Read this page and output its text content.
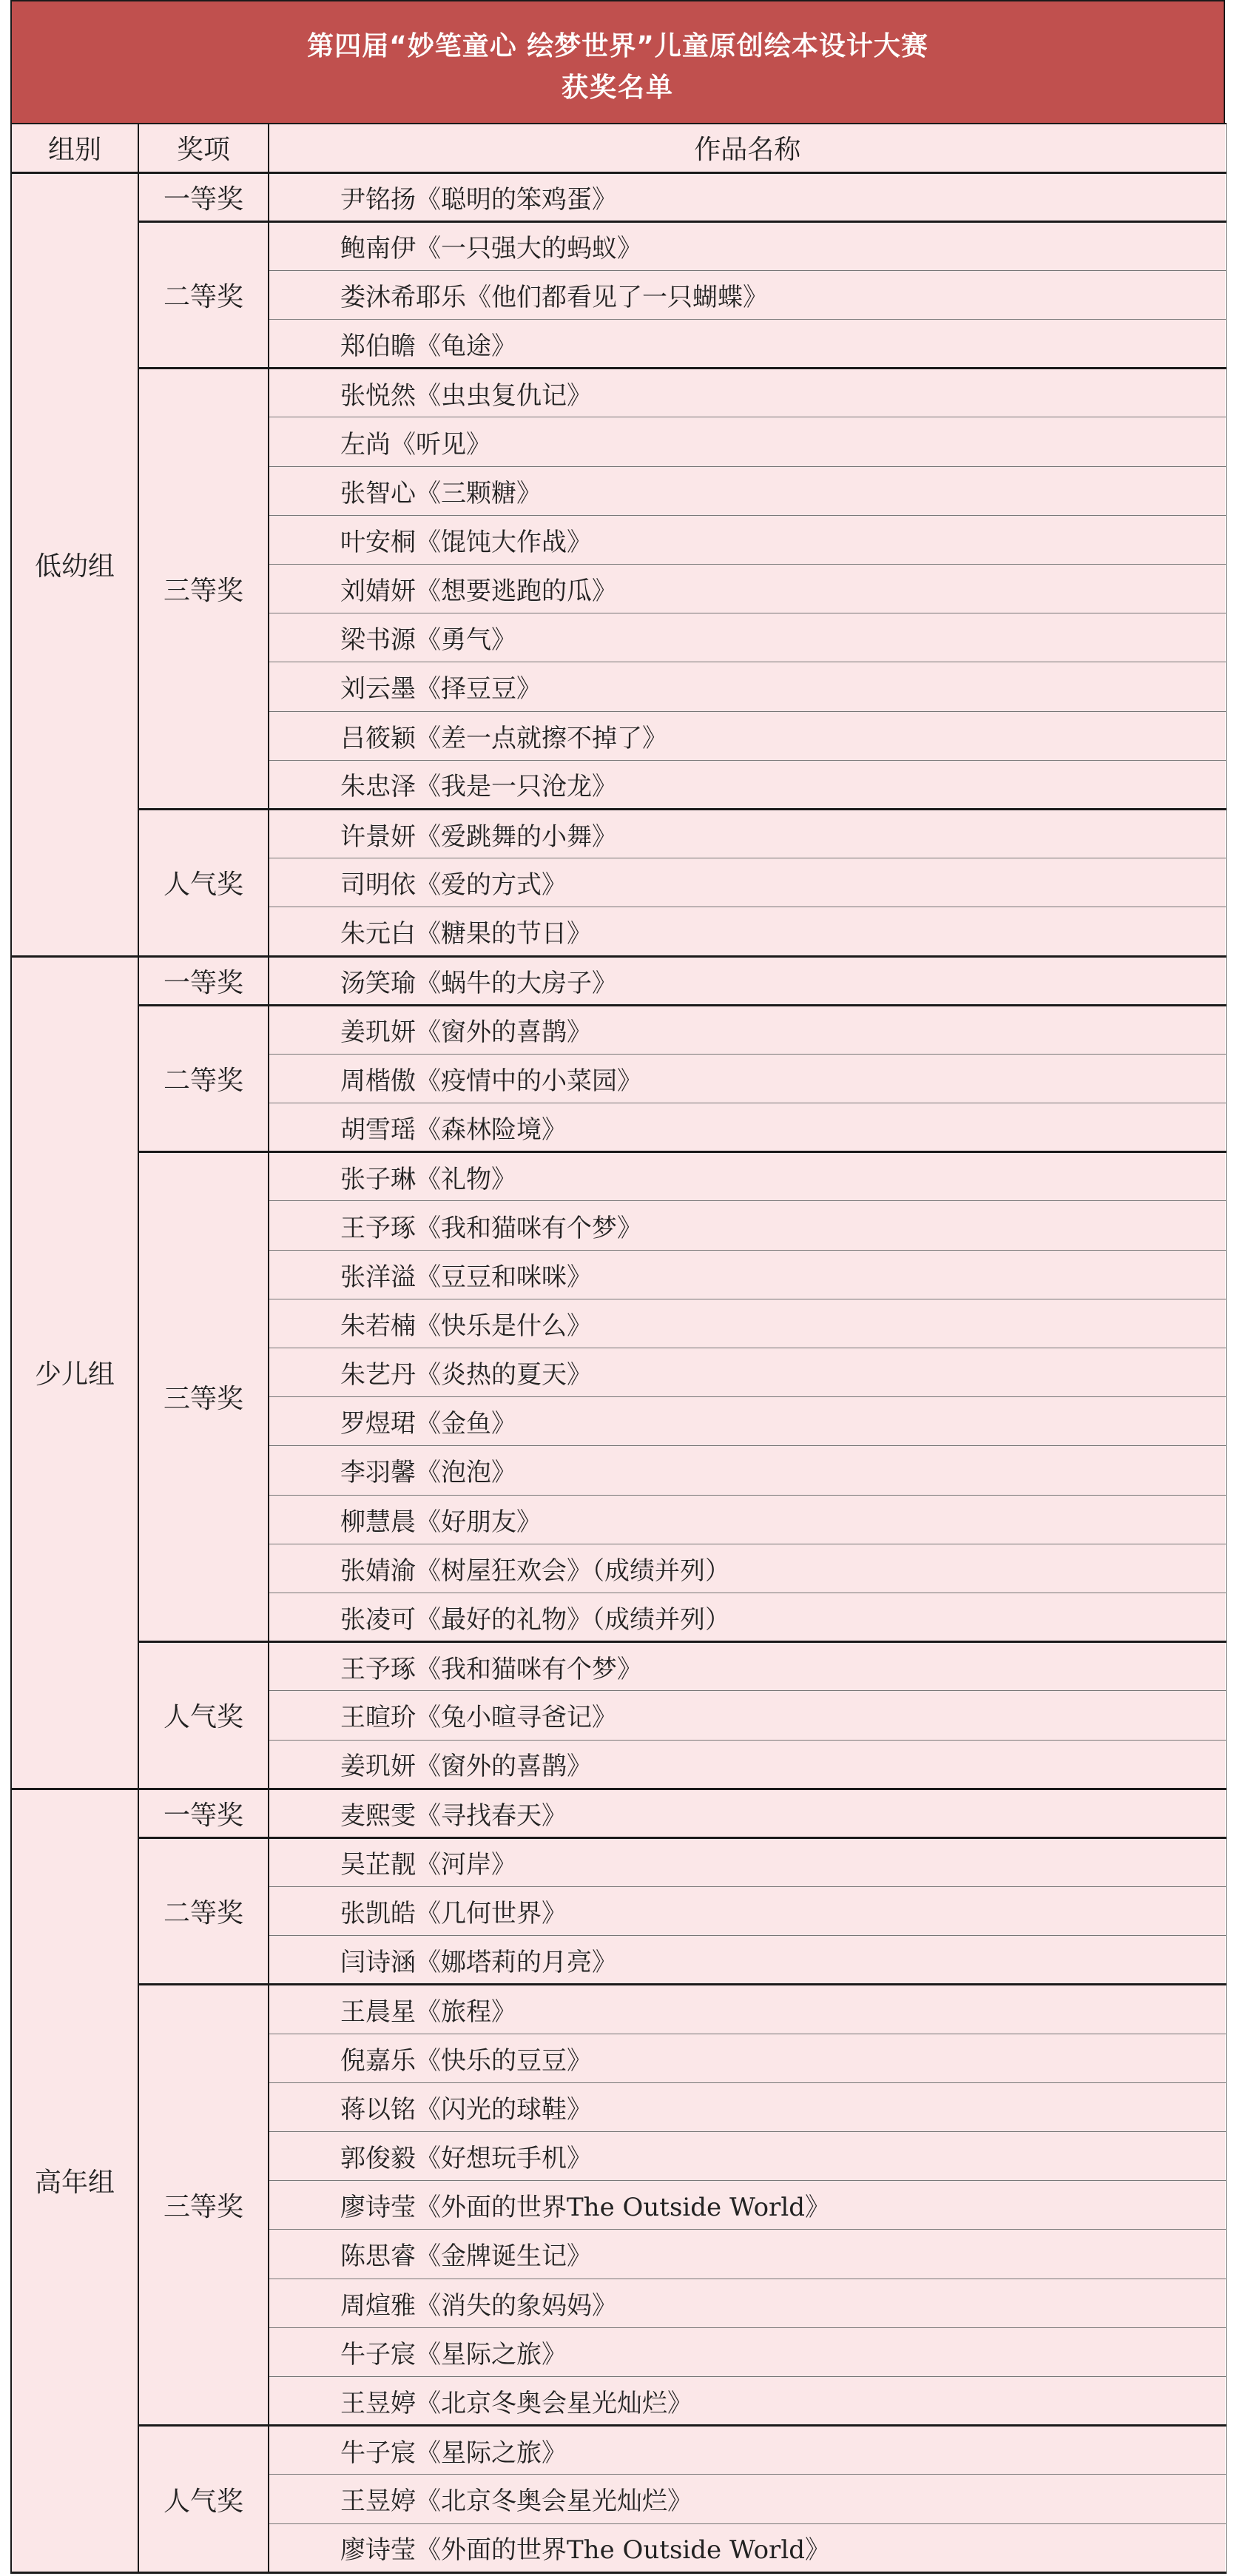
第四届“妙笔童心 绘梦世界”儿童原创绘本设计大赛
获奖名单
组别	奖项	作品名称
低幼组	一等奖	尹铭扬《聪明的笨鸡蛋》
	二等奖	鲍南伊《一只强大的蚂蚁》
		娄沐希耶乐《他们都看见了一只蝴蝶》
		郑伯瞻《龟途》
	三等奖	张悦然《虫虫复仇记》
		左尚《听见》
		张智心《三颗糖》
		叶安桐《馄饨大作战》
		刘婧妍《想要逃跑的瓜》
		梁书源《勇气》
		刘云墨《择豆豆》
		吕筱颖《差一点就擦不掉了》
		朱忠泽《我是一只沧龙》
	人气奖	许景妍《爱跳舞的小舞》
		司明依《爱的方式》
		朱元白《糖果的节日》
少儿组	一等奖	汤笑瑜《蜗牛的大房子》
	二等奖	姜玑妍《窗外的喜鹊》
		周楷傲《疫情中的小菜园》
		胡雪瑶《森林险境》
	三等奖	张子琳《礼物》
		王予琢《我和猫咪有个梦》
		张洋溢《豆豆和咪咪》
		朱若楠《快乐是什么》
		朱艺丹《炎热的夏天》
		罗煜珺《金鱼》
		李羽馨《泡泡》
		柳慧晨《好朋友》
		张婧渝《树屋狂欢会》（成绩并列）
		张凌可《最好的礼物》（成绩并列）
	人气奖	王予琢《我和猫咪有个梦》
		王暄玠《兔小暄寻爸记》
		姜玑妍《窗外的喜鹊》
高年组	一等奖	麦熙雯《寻找春天》
	二等奖	吴芷靓《河岸》
		张凯皓《几何世界》
		闫诗涵《娜塔莉的月亮》
	三等奖	王晨星《旅程》
		倪嘉乐《快乐的豆豆》
		蒋以铭《闪光的球鞋》
		郭俊毅《好想玩手机》
		廖诗莹《外面的世界The Outside World》
		陈思睿《金牌诞生记》
		周煊雅《消失的象妈妈》
		牛子宸《星际之旅》
		王昱婷《北京冬奥会星光灿烂》
	人气奖	牛子宸《星际之旅》
		王昱婷《北京冬奥会星光灿烂》
		廖诗莹《外面的世界The Outside World》
